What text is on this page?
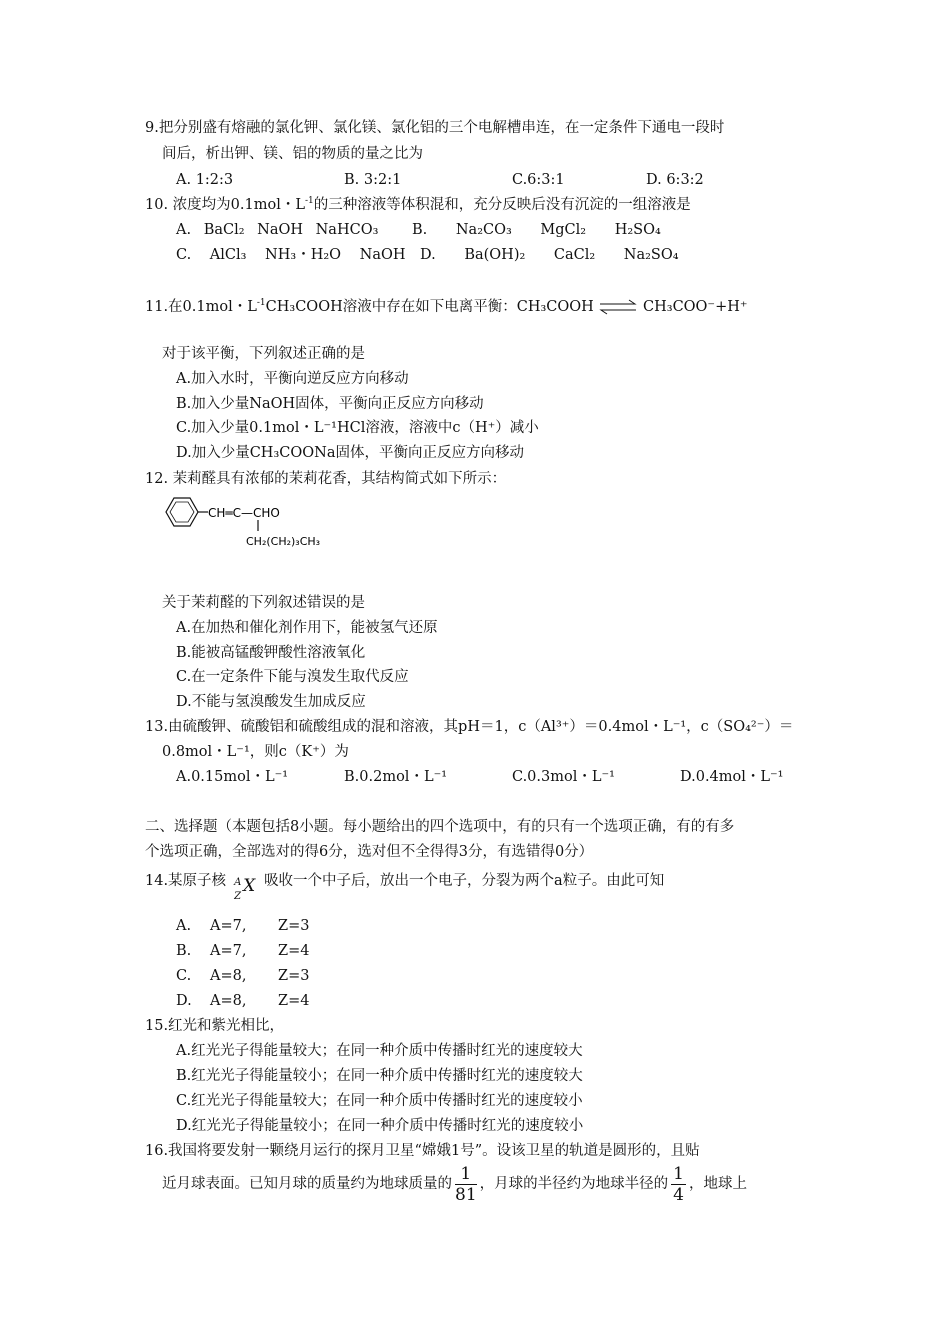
9.把分别盛有熔融的氯化钾、氯化镁、氯化铝的三个电解槽串连，在一定条件下通电一段时
间后，析出钾、镁、铝的物质的量之比为
A. 1:2:3	B. 3:2:1	C.6:3:1	D. 6:3:2
10. 浓度均为0.1mol・$L^{-1}$的三种溶液等体积混和，充分反映后没有沉淀的一组溶液是
A. BaCl₂ NaOH NaHCO₃ B. Na₂CO₃ MgCl₂ H₂SO₄
C. AlCl₃ NH₃・H₂O NaOH D. Ba(OH)₂ CaCl₂ Na₂SO₄
11.在0.1mol・$L^{-1}CH_3COOH$溶液中存在如下电离平衡：CH₃COOH ⇌ CH₃COO⁻+H⁺
对于该平衡，下列叙述正确的是
A.加入水时，平衡向逆反应方向移动
B.加入少量NaOH固体，平衡向正反应方向移动
C.加入少量0.1mol・L⁻¹HCl溶液，溶液中c（H⁺）减小
D.加入少量CH₃COONa固体，平衡向正反应方向移动
12. 茉莉醛具有浓郁的茉莉花香，其结构简式如下所示：
CH═C—CHO
CH₂(CH₂)₃CH₃
关于茉莉醛的下列叙述错误的是
A.在加热和催化剂作用下，能被氢气还原
B.能被高锰酸钾酸性溶液氧化
C.在一定条件下能与溴发生取代反应
D.不能与氢溴酸发生加成反应
13.由硫酸钾、硫酸铝和硫酸组成的混和溶液，其pH＝1，c（Al³⁺）＝0.4mol・L⁻¹，c（SO₄²⁻）＝
0.8mol・L⁻¹，则c（K⁺）为
A.0.15mol・L⁻¹	B.0.2mol・L⁻¹	C.0.3mol・L⁻¹	D.0.4mol・L⁻¹
二、选择题（本题包括8小题。每小题给出的四个选项中，有的只有一个选项正确，有的有多
个选项正确，全部选对的得6分，选对但不全得得3分，有选错得0分）
14.某原子核 A
Z
X 吸收一个中子后，放出一个电子，分裂为两个a粒子。由此可知
A. A=7, Z=3
B. A=7, Z=4
C. A=8, Z=3
D. A=8, Z=4
15.红光和紫光相比，
A.红光光子得能量较大；在同一种介质中传播时红光的速度较大
B.红光光子得能量较小；在同一种介质中传播时红光的速度较大
C.红光光子得能量较大；在同一种介质中传播时红光的速度较小
D.红光光子得能量较小；在同一种介质中传播时红光的速度较小
16.我国将要发射一颗绕月运行的探月卫星“嫦娥1号”。设该卫星的轨道是圆形的，且贴
近月球表面。已知月球的质量约为地球质量的 $\frac{1}{81}$ ，月球的半径约为地球半径的 $\frac{1}{4}$ ，地球上
